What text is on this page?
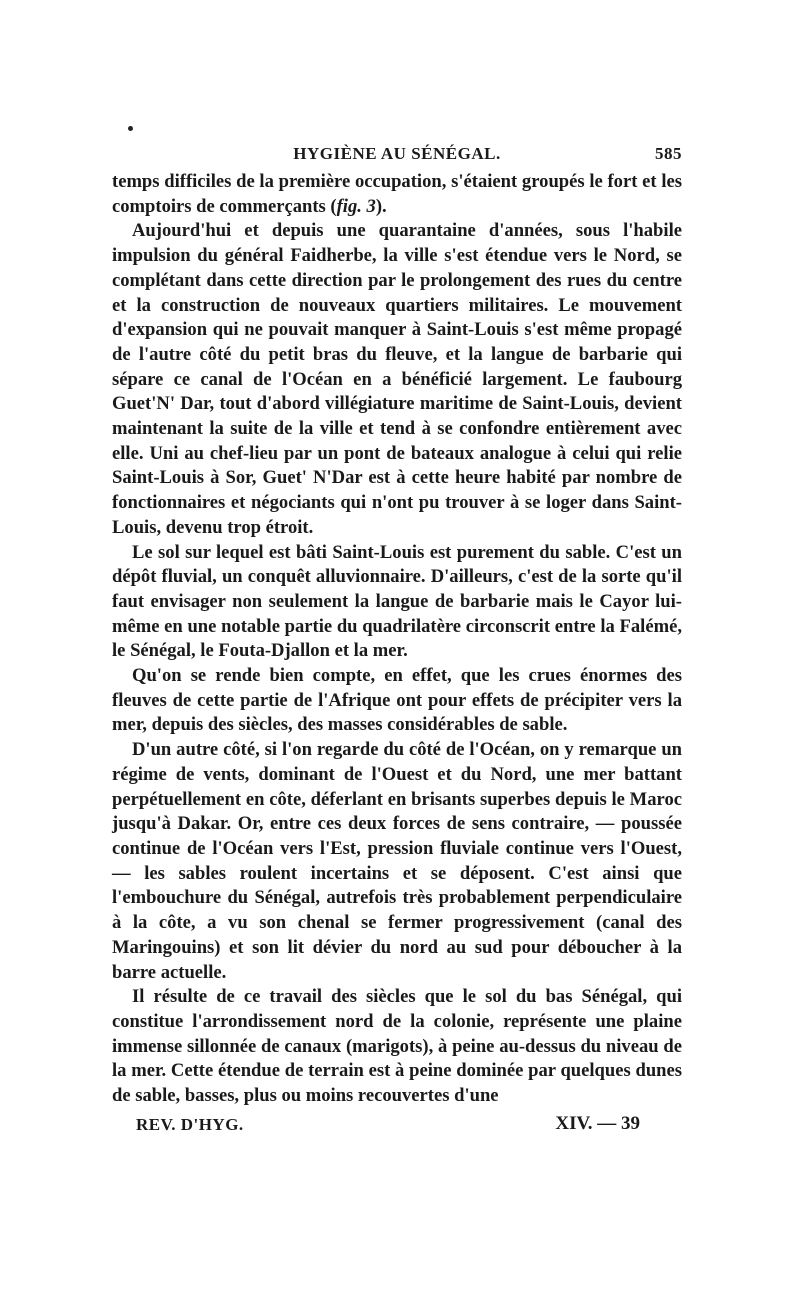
HYGIÈNE AU SÉNÉGAL.	585

temps difficiles de la première occupation, s'étaient groupés le fort et les comptoirs de commerçants (fig. 3).

Aujourd'hui et depuis une quarantaine d'années, sous l'habile impulsion du général Faidherbe, la ville s'est étendue vers le Nord, se complétant dans cette direction par le prolongement des rues du centre et la construction de nouveaux quartiers militaires. Le mouvement d'expansion qui ne pouvait manquer à Saint-Louis s'est même propagé de l'autre côté du petit bras du fleuve, et la langue de barbarie qui sépare ce canal de l'Océan en a bénéficié largement. Le faubourg Guet'N' Dar, tout d'abord villégiature maritime de Saint-Louis, devient maintenant la suite de la ville et tend à se confondre entièrement avec elle. Uni au chef-lieu par un pont de bateaux analogue à celui qui relie Saint-Louis à Sor, Guet' N'Dar est à cette heure habité par nombre de fonctionnaires et négociants qui n'ont pu trouver à se loger dans Saint-Louis, devenu trop étroit.

Le sol sur lequel est bâti Saint-Louis est purement du sable. C'est un dépôt fluvial, un conquêt alluvionnaire. D'ailleurs, c'est de la sorte qu'il faut envisager non seulement la langue de barbarie mais le Cayor lui-même en une notable partie du quadrilatère circonscrit entre la Falémé, le Sénégal, le Fouta-Djallon et la mer.

Qu'on se rende bien compte, en effet, que les crues énormes des fleuves de cette partie de l'Afrique ont pour effets de précipiter vers la mer, depuis des siècles, des masses considérables de sable.

D'un autre côté, si l'on regarde du côté de l'Océan, on y remarque un régime de vents, dominant de l'Ouest et du Nord, une mer battant perpétuellement en côte, déferlant en brisants superbes depuis le Maroc jusqu'à Dakar. Or, entre ces deux forces de sens contraire, — poussée continue de l'Océan vers l'Est, pression fluviale continue vers l'Ouest, — les sables roulent incertains et se déposent. C'est ainsi que l'embouchure du Sénégal, autrefois très probablement perpendiculaire à la côte, a vu son chenal se fermer progressivement (canal des Maringouins) et son lit dévier du nord au sud pour déboucher à la barre actuelle.

Il résulte de ce travail des siècles que le sol du bas Sénégal, qui constitue l'arrondissement nord de la colonie, représente une plaine immense sillonnée de canaux (marigots), à peine au-dessus du niveau de la mer. Cette étendue de terrain est à peine dominée par quelques dunes de sable, basses, plus ou moins recouvertes d'une

REV. D'HYG.	XIV. — 39
